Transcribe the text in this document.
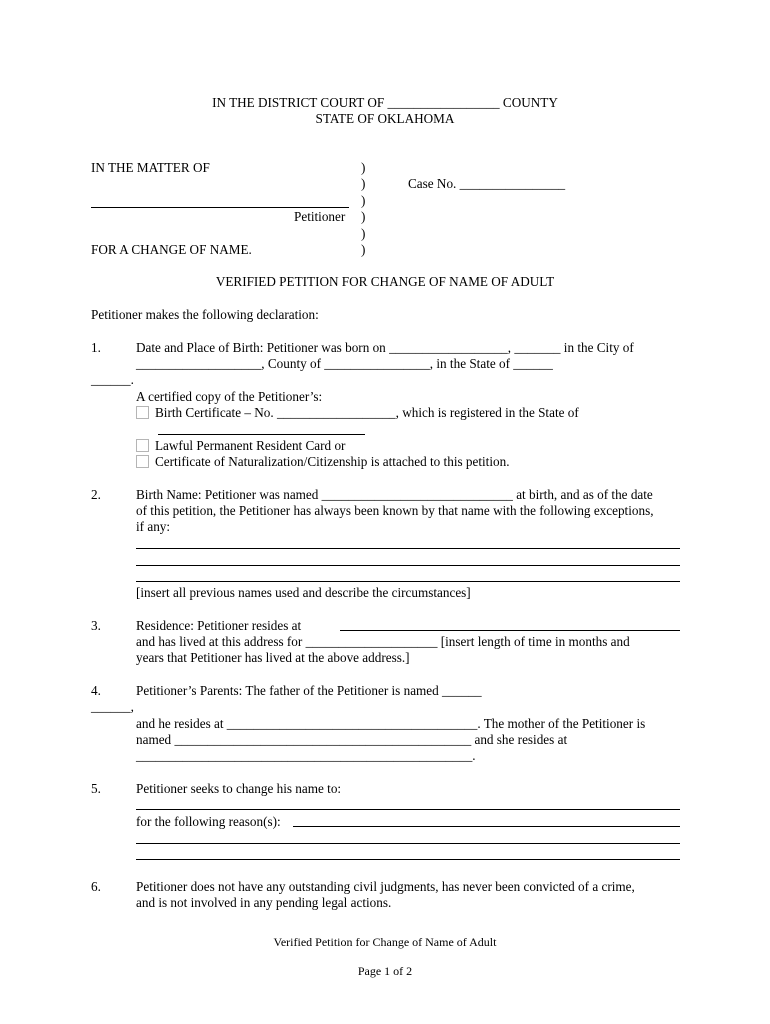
IN THE DISTRICT COURT OF _________________ COUNTY
STATE OF OKLAHOMA
IN THE MATTER OF
Petitioner
FOR A CHANGE OF NAME.
)
)
)
)
)
)
Case No. ________________
VERIFIED PETITION FOR CHANGE OF NAME OF ADULT
Petitioner makes the following declaration:
1.	Date and Place of Birth: Petitioner was born on __________________, _______ in the City of
___________________, County of ________________, in the State of ______
______.
A certified copy of the Petitioner’s:
Birth Certificate – No. __________________, which is registered in the State of
Lawful Permanent Resident Card or
Certificate of Naturalization/Citizenship is attached to this petition.
2.	Birth Name: Petitioner was named _____________________________ at birth, and as of the date
of this petition, the Petitioner has always been known by that name with the following exceptions,
if any:
[insert all previous names used and describe the circumstances]
3.	Residence: Petitioner resides at
and has lived at this address for ____________________ [insert length of time in months and
years that Petitioner has lived at the above address.]
4.	Petitioner’s Parents: The father of the Petitioner is named ______
______,
and he resides at ______________________________________. The mother of the Petitioner is
named _____________________________________________ and she resides at
___________________________________________________.
5.	Petitioner seeks to change his name to:
for the following reason(s):
6.	Petitioner does not have any outstanding civil judgments, has never been convicted of a crime,
and is not involved in any pending legal actions.
Verified Petition for Change of Name of Adult
Page 1 of 2
